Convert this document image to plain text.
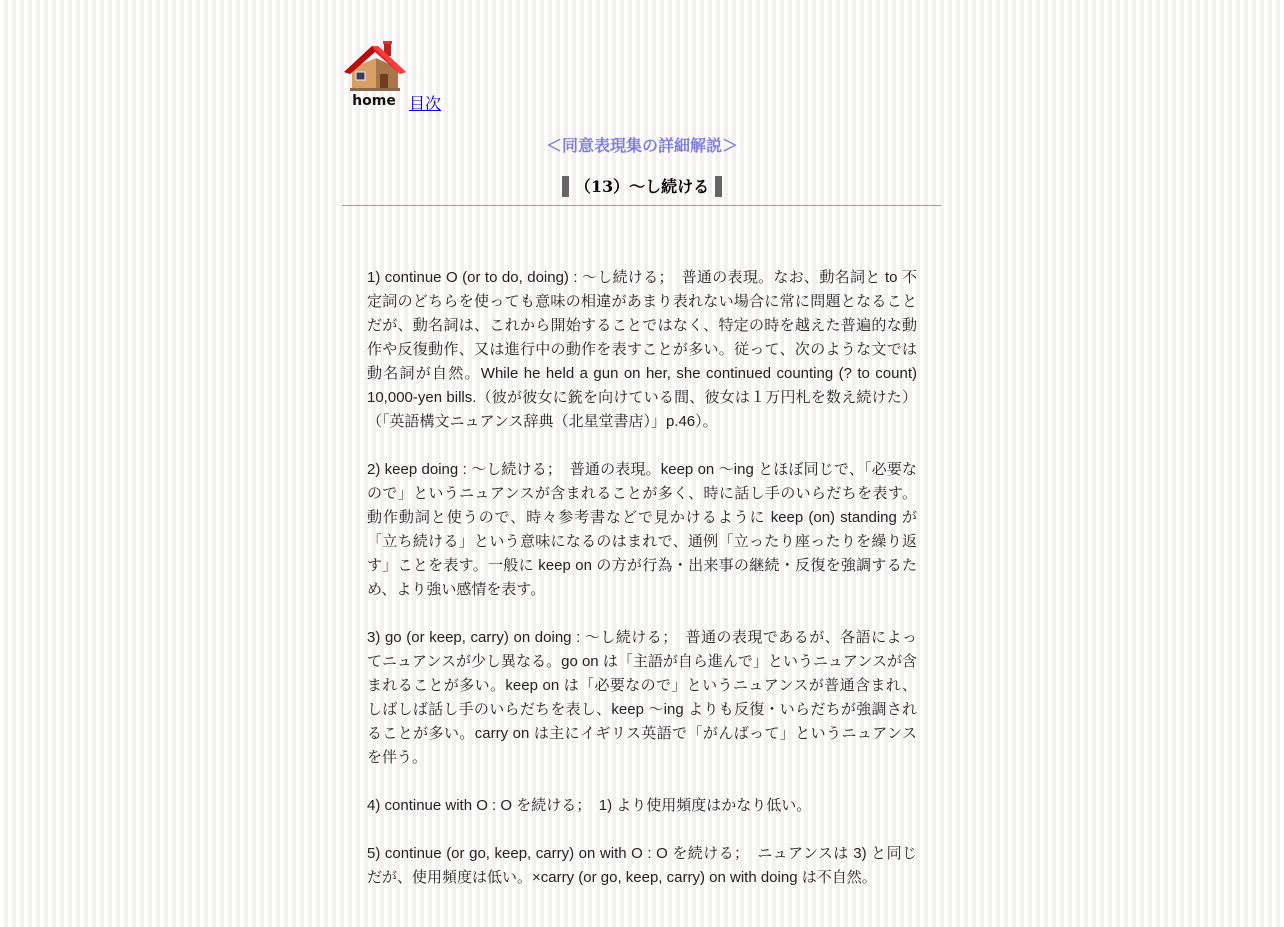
home 目次
＜同意表現集の詳細解説＞
（13）～し続ける

1) continue O (or to do, doing) : ～し続ける；　普通の表現。なお、動名詞と to 不定詞のどちらを使っても意味の相違があまり表れない場合に常に問題となることだが、動名詞は、これから開始することではなく、特定の時を越えた普遍的な動作や反復動作、又は進行中の動作を表すことが多い。従って、次のような文では動名詞が自然。While he held a gun on her, she continued counting (? to count) 10,000-yen bills.（彼が彼女に銃を向けている間、彼女は１万円札を数え続けた）（「英語構文ニュアンス辞典（北星堂書店）」p.46）。

2) keep doing : ～し続ける；　普通の表現。keep on ～ing とほぼ同じで、「必要なので」というニュアンスが含まれることが多く、時に話し手のいらだちを表す。動作動詞と使うので、時々参考書などで見かけるように keep (on) standing が「立ち続ける」という意味になるのはまれで、通例「立ったり座ったりを繰り返す」ことを表す。一般に keep on の方が行為・出来事の継続・反復を強調するため、より強い感情を表す。

3) go (or keep, carry) on doing : ～し続ける；　普通の表現であるが、各語によってニュアンスが少し異なる。go on は「主語が自ら進んで」というニュアンスが含まれることが多い。keep on は「必要なので」というニュアンスが普通含まれ、しばしば話し手のいらだちを表し、keep ～ing よりも反復・いらだちが強調されることが多い。carry on は主にイギリス英語で「がんばって」というニュアンスを伴う。

4) continue with O : O を続ける；　1) より使用頻度はかなり低い。

5) continue (or go, keep, carry) on with O : O を続ける；　ニュアンスは 3) と同じだが、使用頻度は低い。×carry (or go, keep, carry) on with doing は不自然。
